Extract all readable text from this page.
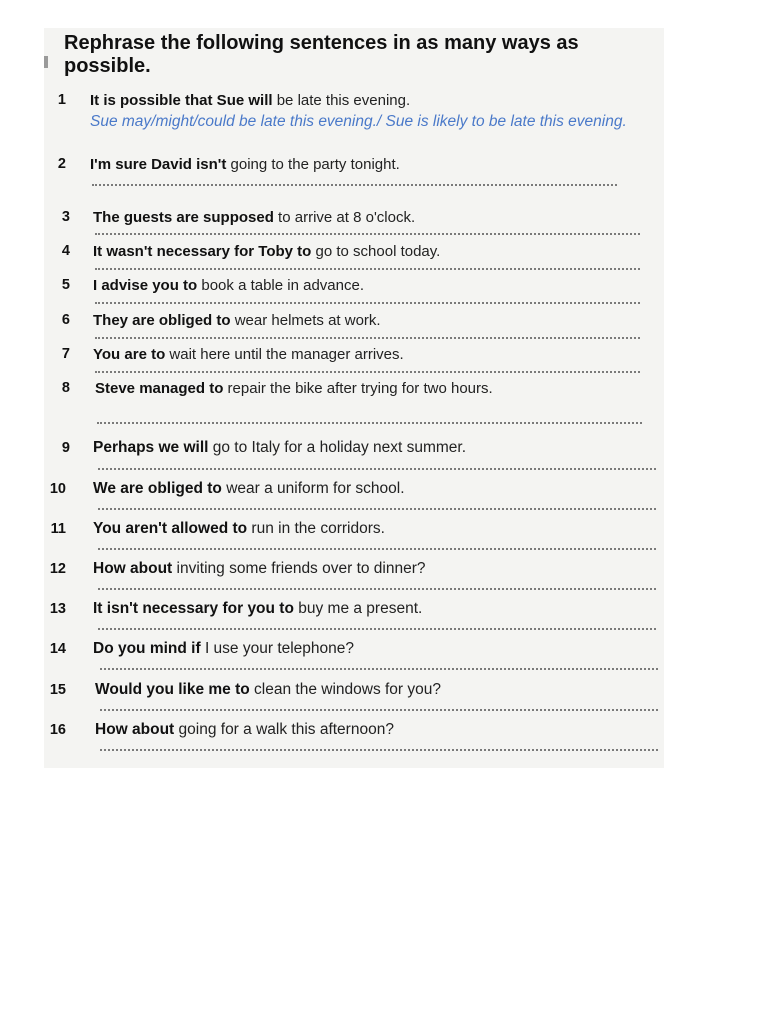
Rephrase the following sentences in as many ways as possible.
1 It is possible that Sue will be late this evening.
Sue may/might/could be late this evening./ Sue is likely to be late this evening.
2 I'm sure David isn't going to the party tonight.
3 The guests are supposed to arrive at 8 o'clock.
4 It wasn't necessary for Toby to go to school today.
5 I advise you to book a table in advance.
6 They are obliged to wear helmets at work.
7 You are to wait here until the manager arrives.
8 Steve managed to repair the bike after trying for two hours.
9 Perhaps we will go to Italy for a holiday next summer.
10 We are obliged to wear a uniform for school.
11 You aren't allowed to run in the corridors.
12 How about inviting some friends over to dinner?
13 It isn't necessary for you to buy me a present.
14 Do you mind if I use your telephone?
15 Would you like me to clean the windows for you?
16 How about going for a walk this afternoon?
